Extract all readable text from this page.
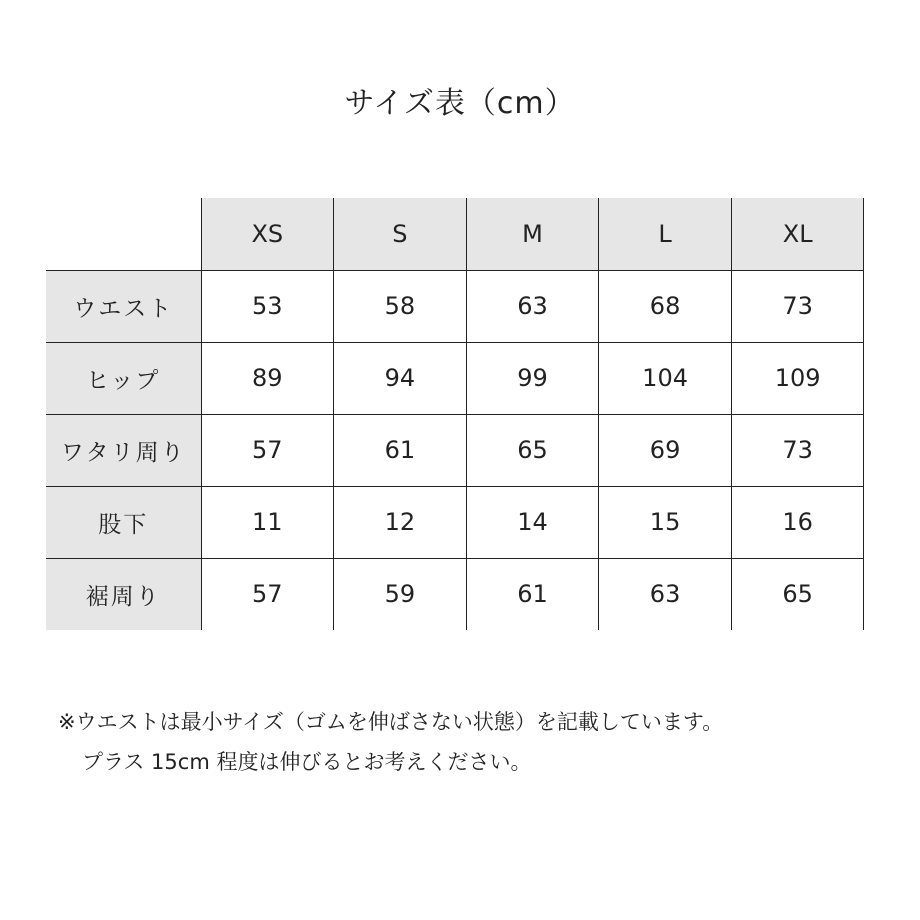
サイズ表（cm）
	XS	S	M	L	XL
ウエスト	53	58	63	68	73
ヒップ	89	94	99	104	109
ワタリ周り	57	61	65	69	73
股下	11	12	14	15	16
裾周り	57	59	61	63	65
※ウエストは最小サイズ（ゴムを伸ばさない状態）を記載しています。
プラス 15cm 程度は伸びるとお考えください。
